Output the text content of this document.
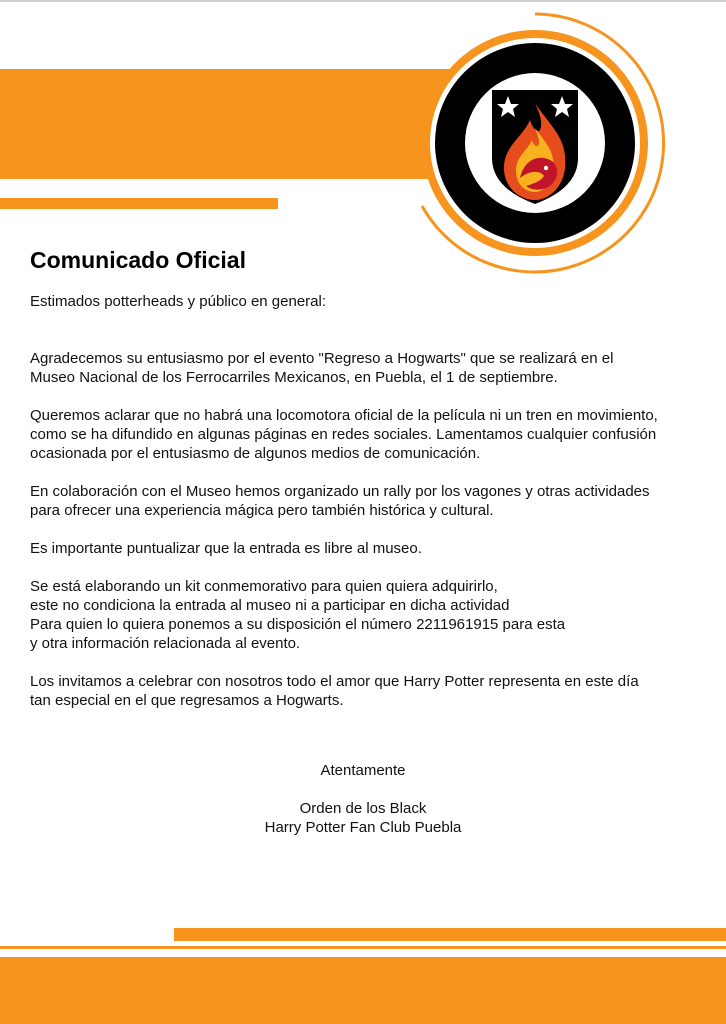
Comunicado Oficial

Estimados potterheads y público en general:

Agradecemos su entusiasmo por el evento "Regreso a Hogwarts" que se realizará en el
Museo Nacional de los Ferrocarriles Mexicanos, en Puebla, el 1 de septiembre.

Queremos aclarar que no habrá una locomotora oficial de la película ni un tren en movimiento,
como se ha difundido en algunas páginas en redes sociales. Lamentamos cualquier confusión
ocasionada por el entusiasmo de algunos medios de comunicación.

En colaboración con el Museo hemos organizado un rally por los vagones y otras actividades
para ofrecer una experiencia mágica pero también histórica y cultural.

Es importante puntualizar que la entrada es libre al museo.

Se está elaborando un kit conmemorativo para quien quiera adquirirlo,
este no condiciona la entrada al museo ni a participar en dicha actividad
Para quien lo quiera ponemos a su disposición el número 2211961915 para esta
y otra información relacionada al evento.

Los invitamos a celebrar con nosotros todo el amor que Harry Potter representa en este día
tan especial en el que regresamos a Hogwarts.

Atentamente
Orden de los Black
Harry Potter Fan Club Puebla
